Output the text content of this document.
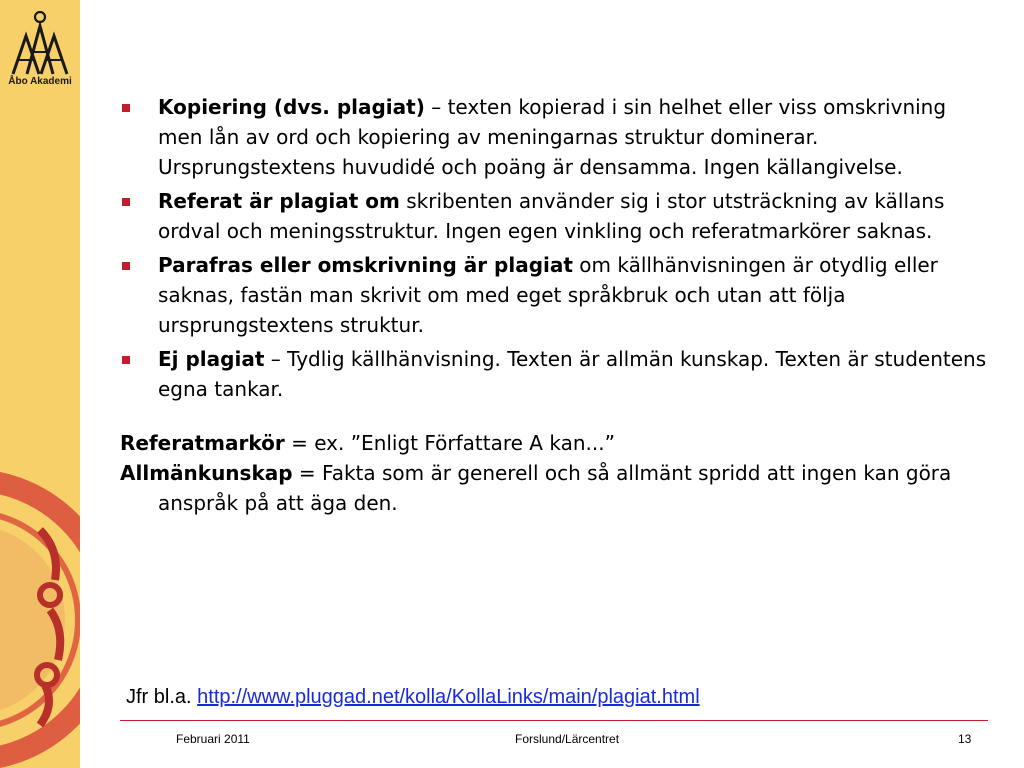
Åbo Akademi
Kopiering (dvs. plagiat) – texten kopierad i sin helhet eller viss omskrivning men lån av ord och kopiering av meningarnas struktur dominerar. Ursprungstextens huvudidé och poäng är densamma. Ingen källangivelse.
Referat är plagiat om skribenten använder sig i stor utsträckning av källans ordval och meningsstruktur. Ingen egen vinkling och referatmarkörer saknas.
Parafras eller omskrivning är plagiat om källhänvisningen är otydlig eller saknas, fastän man skrivit om med eget språkbruk och utan att följa ursprungstextens struktur.
Ej plagiat – Tydlig källhänvisning. Texten är allmän kunskap. Texten är studentens egna tankar.

Referatmarkör = ex. ”Enligt Författare A kan...”

Allmänkunskap = Fakta som är generell och så allmänt spridd att ingen kan göra anspråk på att äga den.

Jfr bl.a. http://www.pluggad.net/kolla/KollaLinks/main/plagiat.html
Februari 2011	Forslund/Lärcentret	13
